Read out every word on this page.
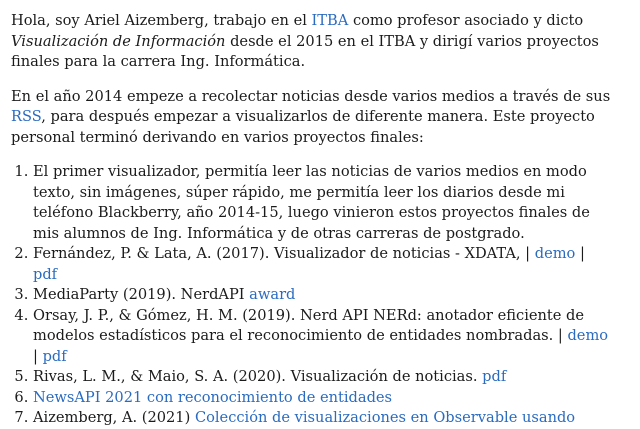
Hola, soy Ariel Aizemberg, trabajo en el ITBA como profesor asociado y dicto Visualización de Información desde el 2015 en el ITBA y dirigí varios proyectos finales para la carrera Ing. Informática.

En el año 2014 empeze a recolectar noticias desde varios medios a través de sus RSS, para después empezar a visualizarlos de diferente manera. Este proyecto personal terminó derivando en varios proyectos finales:

1. El primer visualizador, permitía leer las noticias de varios medios en modo texto, sin imágenes, súper rápido, me permitía leer los diarios desde mi teléfono Blackberry, año 2014-15, luego vinieron estos proyectos finales de mis alumnos de Ing. Informática y de otras carreras de postgrado.
2. Fernández, P. & Lata, A. (2017). Visualizador de noticias - XDATA, | demo | pdf
3. MediaParty (2019). NerdAPI award
4. Orsay, J. P., & Gómez, H. M. (2019). Nerd API NERd: anotador eficiente de modelos estadísticos para el reconocimiento de entidades nombradas. | demo | pdf
5. Rivas, L. M., & Maio, S. A. (2020). Visualización de noticias. pdf
6. NewsAPI 2021 con reconocimiento de entidades
7. Aizemberg, A. (2021) Colección de visualizaciones en Observable usando
